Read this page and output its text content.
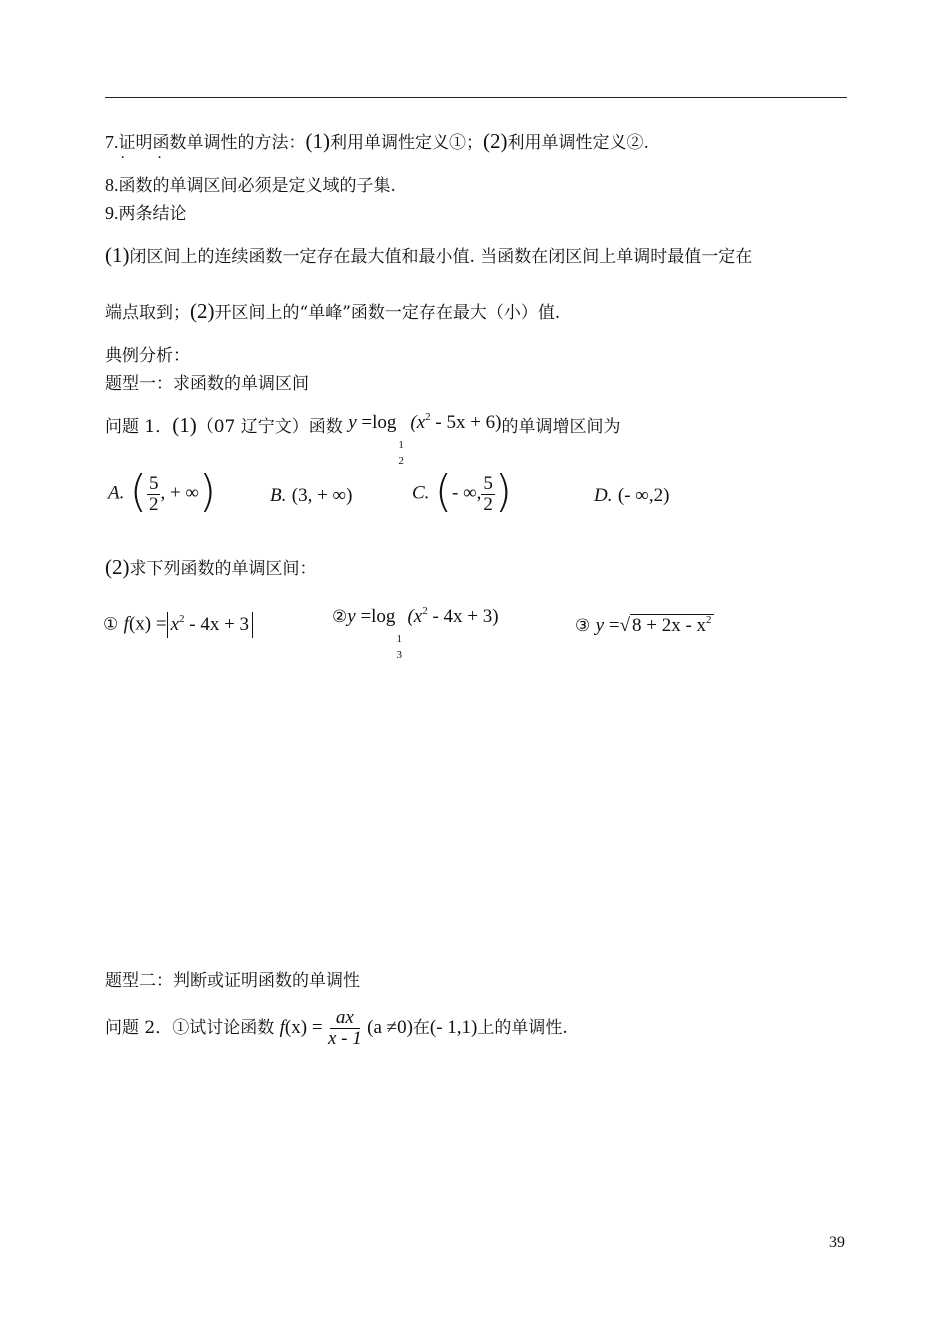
7.证明函数单调性的方法： · ·(1)利用单调性定义①；(2)利用单调性定义②.
8.函数的单调区间必须是定义域的子集.
9.两条结论
(1)闭区间上的连续函数一定存在最大值和最小值. 当函数在闭区间上单调时最值一定在
端点取到；(2)开区间上的“单峰”函数一定存在最大（小）值.
典例分析：
题型一：求函数的单调区间
问题 1．(1)（07 辽宁文）函数 y =log
1
2
$(x^2 - 5x + 6)$的单调增区间为
A. ( $\frac{5}{2}$ , + ∞)	B. (3, + ∞)	C. (- ∞, $\frac{5}{2}$ )	D. (- ∞,2)
(2)求下列函数的单调区间：
① $f(x) = x^2 - 4x + 3$	②y =log
1
3
$(x^2 - 4x + 3)$	③ y =√ $8 + 2x - x^2$
题型二：判断或证明函数的单调性
问题 2．①试讨论函数
f (x) =
$\frac{ax}{x - 1}$
(a ≠0) 在 (- 1,1) 上的单调性.
39
